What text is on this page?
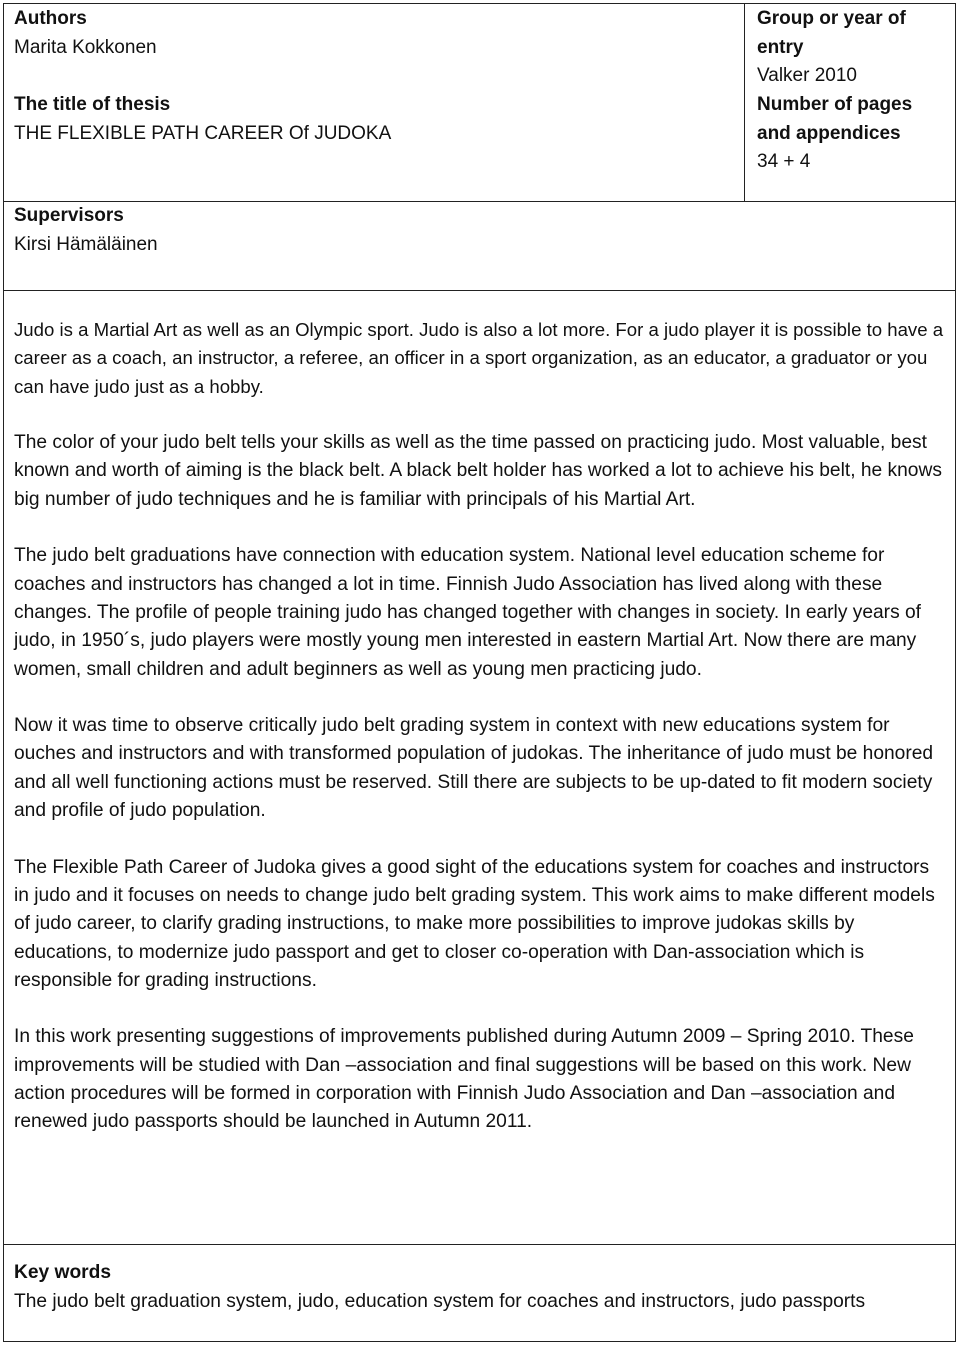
Authors
Marita Kokkonen
The title of thesis
THE FLEXIBLE PATH CAREER Of JUDOKA
Group or year of
entry
Valker 2010
Number of pages
and appendices
34 + 4
Supervisors
Kirsi Hämäläinen

Judo is a Martial Art as well as an Olympic sport. Judo is also a lot more. For a judo player it is possible to have a career as a coach, an instructor, a referee, an officer in a sport organization, as an educator, a graduator or you can have judo just as a hobby.

The color of your judo belt tells your skills as well as the time passed on practicing judo. Most valuable, best known and worth of aiming is the black belt. A black belt holder has worked a lot to achieve his belt, he knows big number of judo techniques and he is familiar with principals of his Martial Art.

The judo belt graduations have connection with education system. National level education scheme for coaches and instructors has changed a lot in time. Finnish Judo Association has lived along with these changes. The profile of people training judo has changed together with changes in society. In early years of judo, in 1950´s, judo players were mostly young men interested in eastern Martial Art. Now there are many women, small children and adult beginners as well as young men practicing judo.

Now it was time to observe critically judo belt grading system in context with new educations system for ouches and instructors and with transformed population of judokas. The inheritance of judo must be honored and all well functioning actions must be reserved. Still there are subjects to be up-dated to fit modern society and profile of judo population.

The Flexible Path Career of Judoka gives a good sight of the educations system for coaches and instructors in judo and it focuses on needs to change judo belt grading system. This work aims to make different models of judo career, to clarify grading instructions, to make more possibilities to improve judokas skills by educations, to modernize judo passport and get to closer co-operation with Dan-association which is responsible for grading instructions.

In this work presenting suggestions of improvements published during Autumn 2009 – Spring 2010. These improvements will be studied with Dan –association and final suggestions will be based on this work. New action procedures will be formed in corporation with Finnish Judo Association and Dan –association and renewed judo passports should be launched in Autumn 2011.

Key words
The judo belt graduation system, judo, education system for coaches and instructors, judo passports
